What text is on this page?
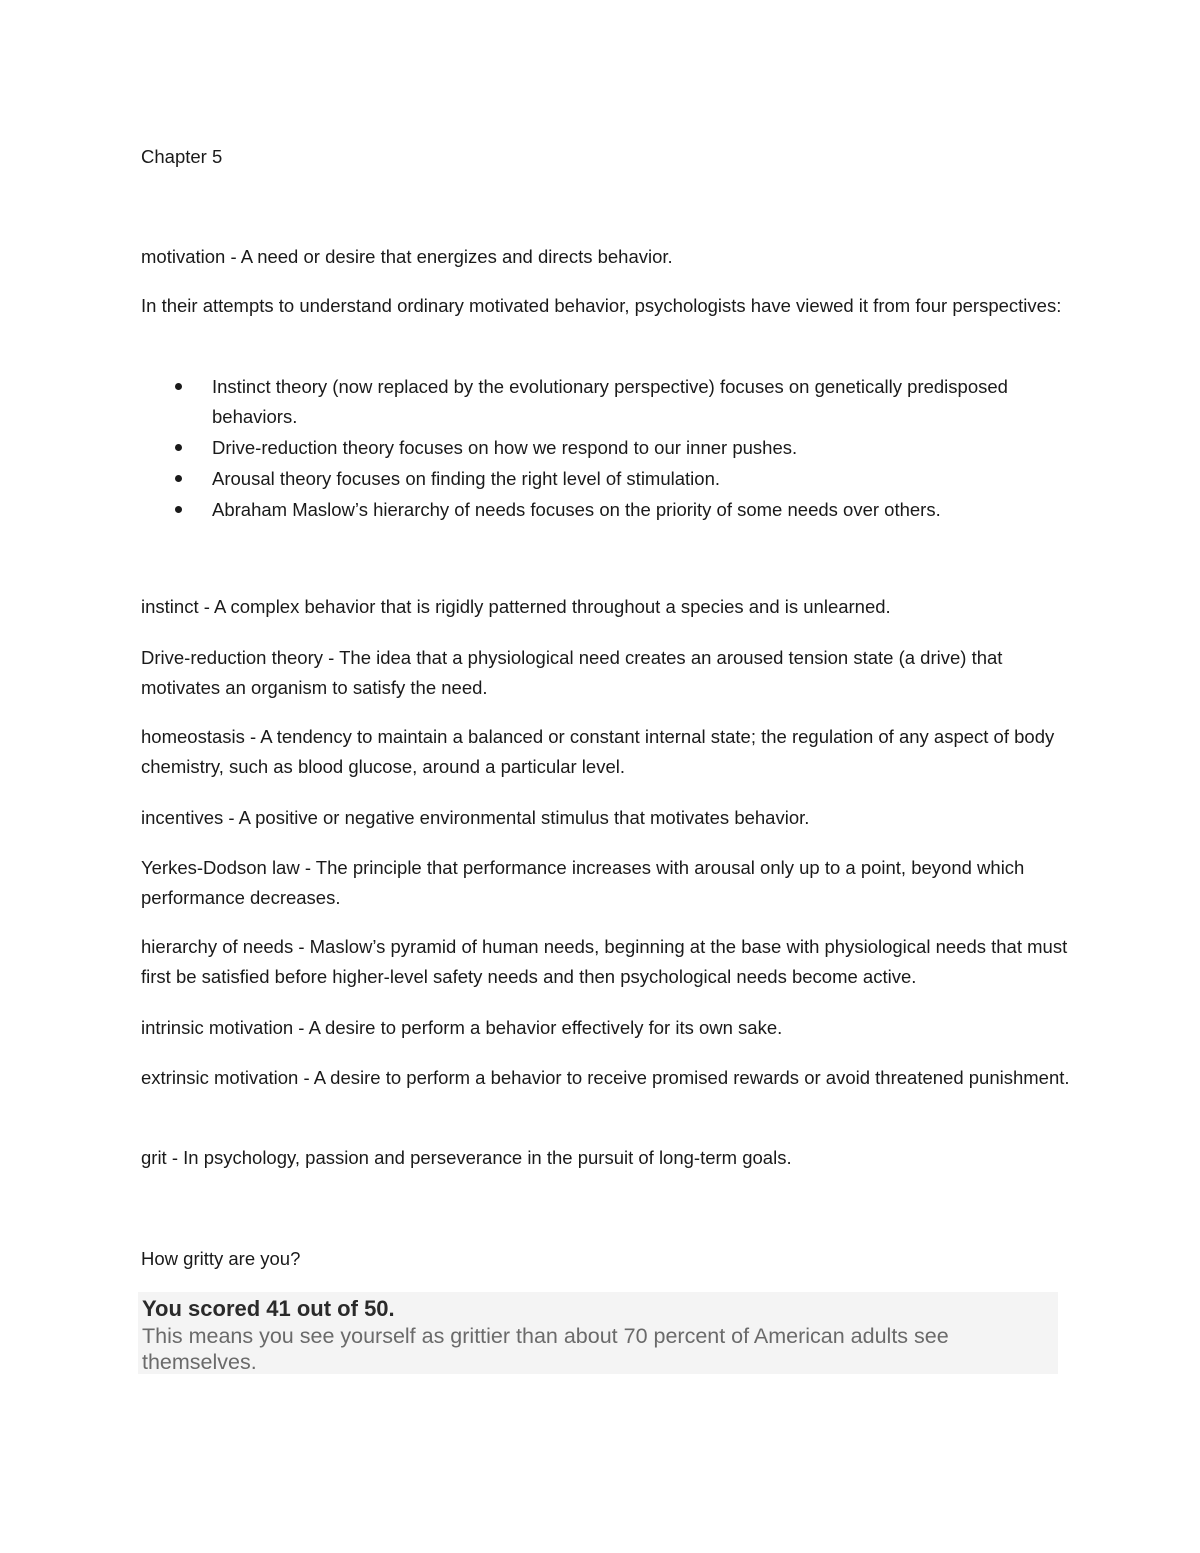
Chapter 5

motivation - A need or desire that energizes and directs behavior.

In their attempts to understand ordinary motivated behavior, psychologists have viewed it from four perspectives:

Instinct theory (now replaced by the evolutionary perspective) focuses on genetically predisposed behaviors.
Drive-reduction theory focuses on how we respond to our inner pushes.
Arousal theory focuses on finding the right level of stimulation.
Abraham Maslow’s hierarchy of needs focuses on the priority of some needs over others.

instinct - A complex behavior that is rigidly patterned throughout a species and is unlearned.

Drive-reduction theory - The idea that a physiological need creates an aroused tension state (a drive) that motivates an organism to satisfy the need.

homeostasis - A tendency to maintain a balanced or constant internal state; the regulation of any aspect of body chemistry, such as blood glucose, around a particular level.

incentives - A positive or negative environmental stimulus that motivates behavior.

Yerkes-Dodson law - The principle that performance increases with arousal only up to a point, beyond which performance decreases.

hierarchy of needs - Maslow’s pyramid of human needs, beginning at the base with physiological needs that must first be satisfied before higher-level safety needs and then psychological needs become active.

intrinsic motivation - A desire to perform a behavior effectively for its own sake.

extrinsic motivation - A desire to perform a behavior to receive promised rewards or avoid threatened punishment.

grit - In psychology, passion and perseverance in the pursuit of long-term goals.

How gritty are you?

You scored 41 out of 50.
This means you see yourself as grittier than about 70 percent of American adults see themselves.
